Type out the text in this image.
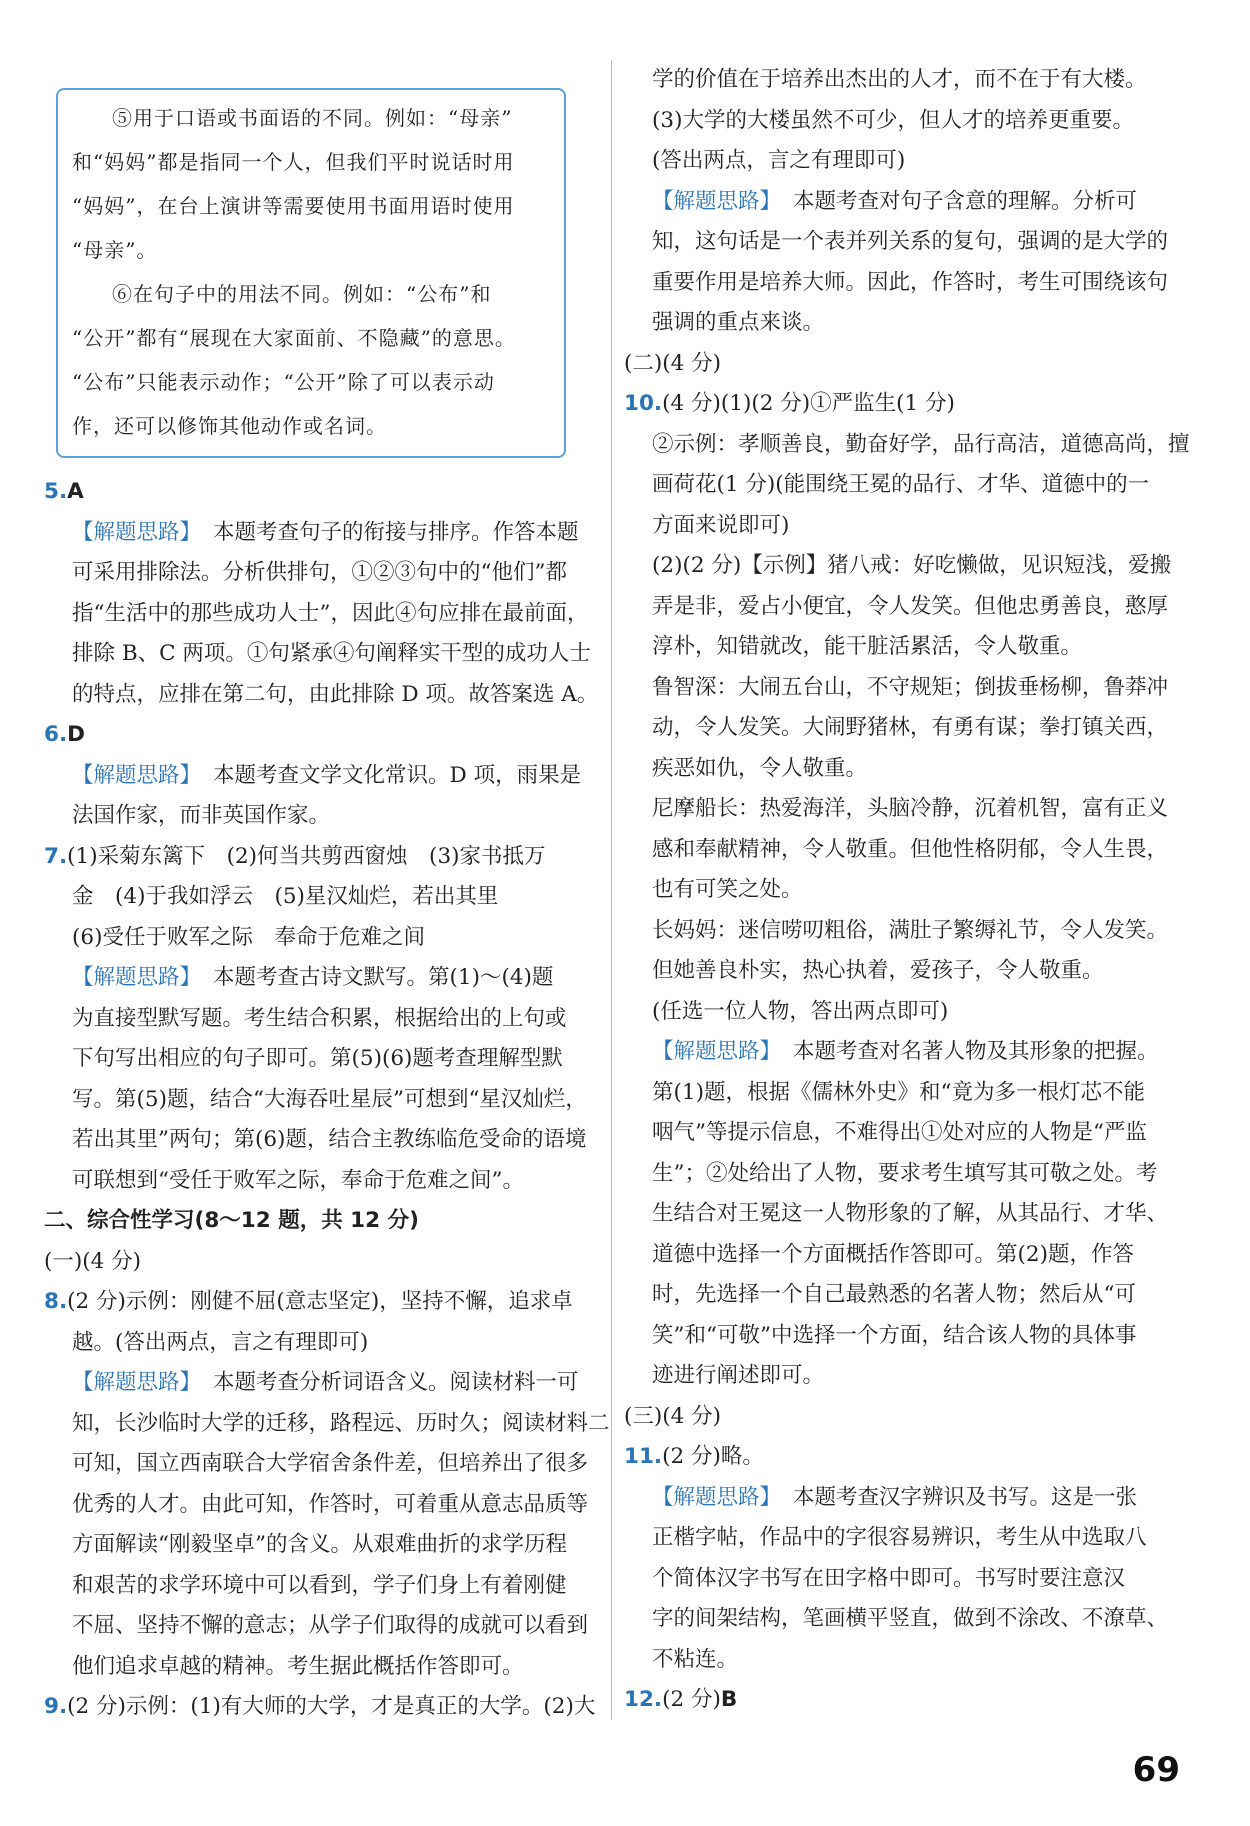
⑤用于口语或书面语的不同。例如：“母亲”
和“妈妈”都是指同一个人，但我们平时说话时用
“妈妈”，在台上演讲等需要使用书面用语时使用
“母亲”。
⑥在句子中的用法不同。例如：“公布”和
“公开”都有“展现在大家面前、不隐藏”的意思。
“公布”只能表示动作；“公开”除了可以表示动
作，还可以修饰其他动作或名词。
5.A
【解题思路】 本题考查句子的衔接与排序。作答本题
可采用排除法。分析供排句，①②③句中的“他们”都
指“生活中的那些成功人士”，因此④句应排在最前面，
排除 B、C 两项。①句紧承④句阐释实干型的成功人士
的特点，应排在第二句，由此排除 D 项。故答案选 A。
6.D
【解题思路】 本题考查文学文化常识。D 项，雨果是
法国作家，而非英国作家。
7.(1)采菊东篱下　(2)何当共剪西窗烛　(3)家书抵万
金　(4)于我如浮云　(5)星汉灿烂，若出其里
(6)受任于败军之际　奉命于危难之间
【解题思路】 本题考查古诗文默写。第(1)～(4)题
为直接型默写题。考生结合积累，根据给出的上句或
下句写出相应的句子即可。第(5)(6)题考查理解型默
写。第(5)题，结合“大海吞吐星辰”可想到“星汉灿烂，
若出其里”两句；第(6)题，结合主教练临危受命的语境
可联想到“受任于败军之际，奉命于危难之间”。
二、综合性学习(8～12 题，共 12 分)
(一)(4 分)
8.(2 分)示例：刚健不屈(意志坚定)，坚持不懈，追求卓
越。(答出两点，言之有理即可)
【解题思路】 本题考查分析词语含义。阅读材料一可
知，长沙临时大学的迁移，路程远、历时久；阅读材料二
可知，国立西南联合大学宿舍条件差，但培养出了很多
优秀的人才。由此可知，作答时，可着重从意志品质等
方面解读“刚毅坚卓”的含义。从艰难曲折的求学历程
和艰苦的求学环境中可以看到，学子们身上有着刚健
不屈、坚持不懈的意志；从学子们取得的成就可以看到
他们追求卓越的精神。考生据此概括作答即可。
9.(2 分)示例：(1)有大师的大学，才是真正的大学。(2)大
学的价值在于培养出杰出的人才，而不在于有大楼。
(3)大学的大楼虽然不可少，但人才的培养更重要。
(答出两点，言之有理即可)
【解题思路】 本题考查对句子含意的理解。分析可
知，这句话是一个表并列关系的复句，强调的是大学的
重要作用是培养大师。因此，作答时，考生可围绕该句
强调的重点来谈。
(二)(4 分)
10.(4 分)(1)(2 分)①严监生(1 分)
②示例：孝顺善良，勤奋好学，品行高洁，道德高尚，擅
画荷花(1 分)(能围绕王冕的品行、才华、道德中的一
方面来说即可)
(2)(2 分)【示例】猪八戒：好吃懒做，见识短浅，爱搬
弄是非，爱占小便宜，令人发笑。但他忠勇善良，憨厚
淳朴，知错就改，能干脏活累活，令人敬重。
鲁智深：大闹五台山，不守规矩；倒拔垂杨柳，鲁莽冲
动，令人发笑。大闹野猪林，有勇有谋；拳打镇关西，
疾恶如仇，令人敬重。
尼摩船长：热爱海洋，头脑冷静，沉着机智，富有正义
感和奉献精神，令人敬重。但他性格阴郁，令人生畏，
也有可笑之处。
长妈妈：迷信唠叨粗俗，满肚子繁缛礼节，令人发笑。
但她善良朴实，热心执着，爱孩子，令人敬重。
(任选一位人物，答出两点即可)
【解题思路】 本题考查对名著人物及其形象的把握。
第(1)题，根据《儒林外史》和“竟为多一根灯芯不能
咽气”等提示信息，不难得出①处对应的人物是“严监
生”；②处给出了人物，要求考生填写其可敬之处。考
生结合对王冕这一人物形象的了解，从其品行、才华、
道德中选择一个方面概括作答即可。第(2)题，作答
时，先选择一个自己最熟悉的名著人物；然后从“可
笑”和“可敬”中选择一个方面，结合该人物的具体事
迹进行阐述即可。
(三)(4 分)
11.(2 分)略。
【解题思路】 本题考查汉字辨识及书写。这是一张
正楷字帖，作品中的字很容易辨识，考生从中选取八
个简体汉字书写在田字格中即可。书写时要注意汉
字的间架结构，笔画横平竖直，做到不涂改、不潦草、
不粘连。
12.(2 分)B
69
